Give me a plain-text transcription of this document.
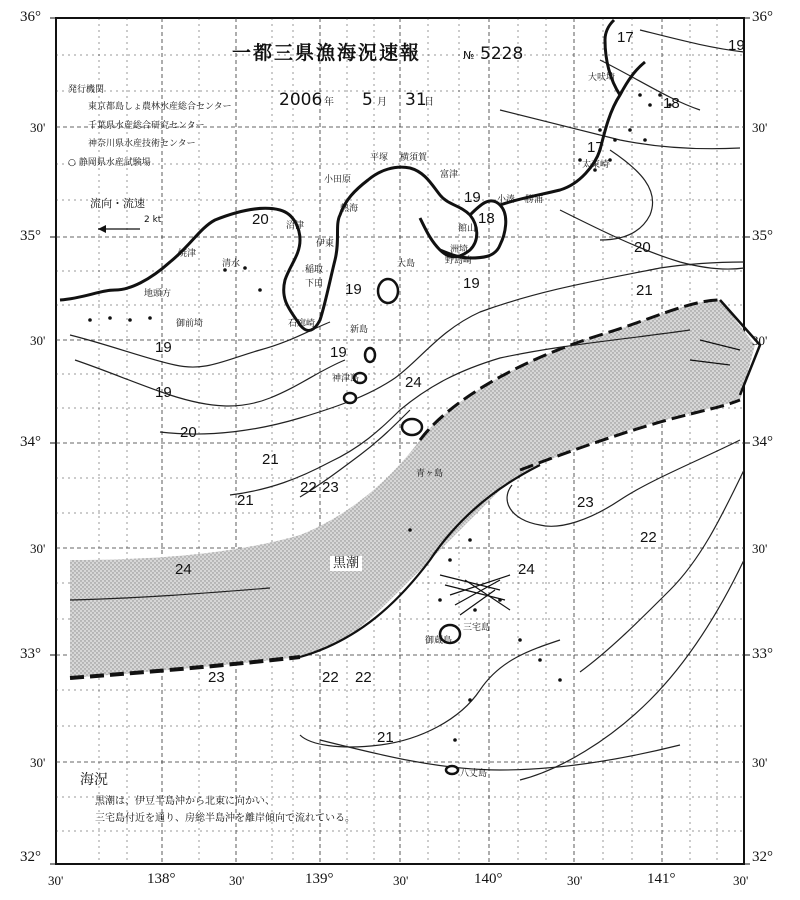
36°
30'
35°
30'
34°
30'
33°
30'
32°
36°
30'
35°
30'
34°
30'
33°
30'
32°
30'	138°	30'	139°	30'	140°	30'	141°	30'
一都三県漁海況速報	№ 5228
2006 年 5 月 31
日
発行機関
東京都島しょ農林水産総合センター
千葉県水産総合研究センター
神奈川県水産技術センター
○ 静岡県水産試験場
流向・流速
2 kt
17	19
18
17
20
19
18
19
20
19
19
21
19
19
20
21
21
22 23
24
22
23
22
24
23	22
21
24
大吠埼
太東崎
勝浦
小湊
平塚 横須賀
小田原	富津
館山
伊東
洲埼
野島崎
稲取
下田
石廊崎
御前埼
焼津
清水
地頭方
新島
神津島
三宅島
御蔵島
大島
八丈島
青ヶ島
熱海
沼津
黒潮
海況
黒潮は、伊豆半島沖から北東に向かい、
三宅島付近を通り、房総半島沖を離岸傾向で流れている。
